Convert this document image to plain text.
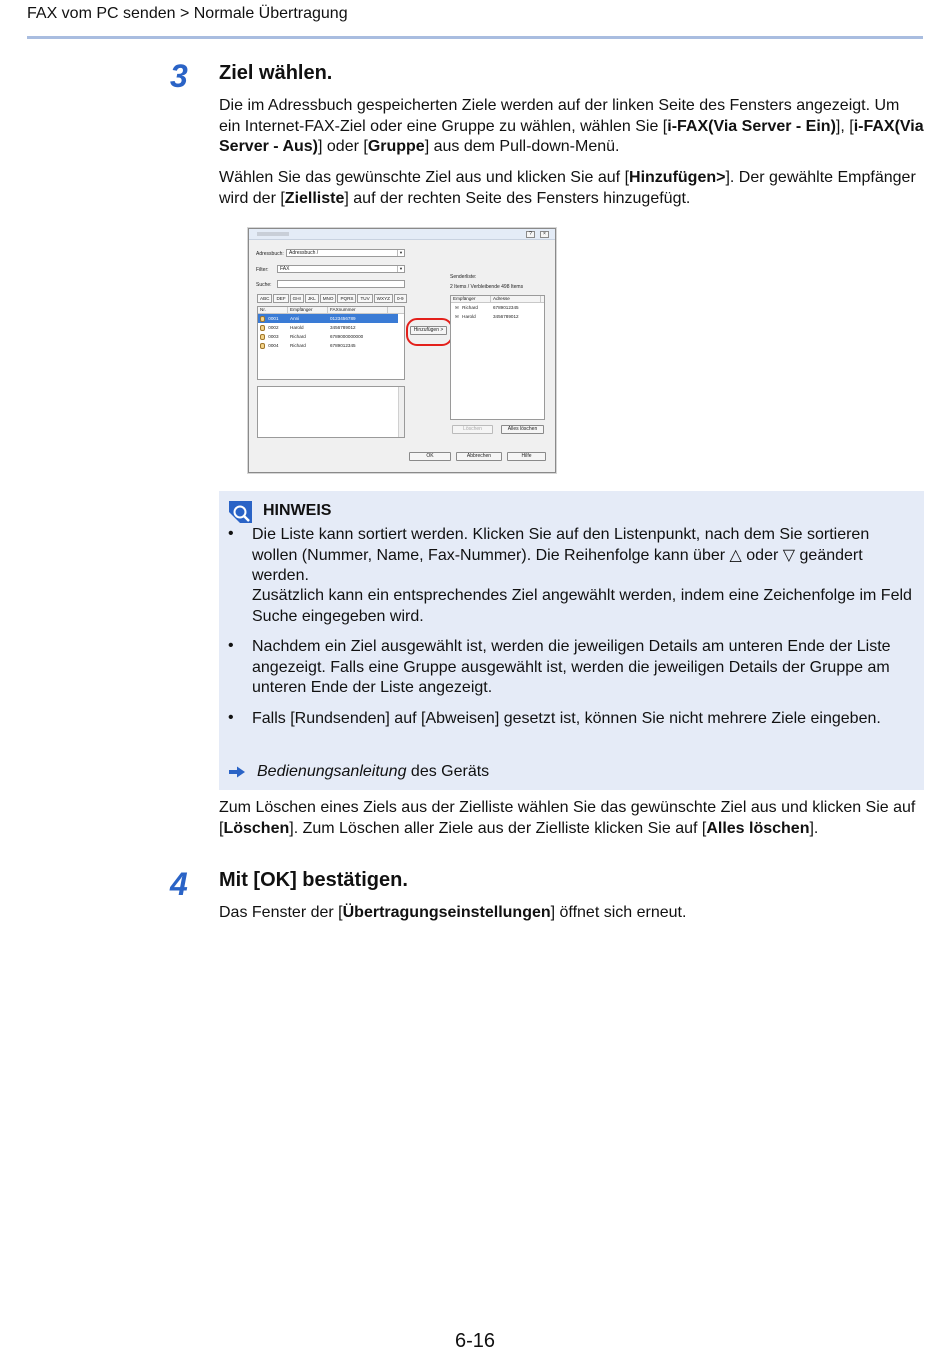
FAX vom PC senden > Normale Übertragung
3 Ziel wählen.

Die im Adressbuch gespeicherten Ziele werden auf der linken Seite des Fensters angezeigt. Um ein Internet-FAX-Ziel oder eine Gruppe zu wählen, wählen Sie [i-FAX(Via Server - Ein)], [i-FAX(Via Server - Aus)] oder [Gruppe] aus dem Pull-down-Menü.

Wählen Sie das gewünschte Ziel aus und klicken Sie auf [Hinzufügen>]. Der gewählte Empfänger wird der [Zielliste] auf der rechten Seite des Fensters hinzugefügt.

?	×
Adressbuch:	Adressbuch /	▼
Filter:	FAX	▼
Suche:
ABC	DEF	GHI	JKL	MNO	PQRS	TUV	WXYZ	0-9
Nr.	Empfänger	FAXnummer
0001	Anni	0123456789
0002	Harold	3456789012
0003	Richard	6789000000000
0004	Richard	6789012345
Hinzufügen >
Senderliste:
2 Items / Verbleibende 498 Items
Empfänger	Adresse
✉ Richard	6789012345
✉ Harold	3456789012
Löschen	Alles löschen
OK	Abbrechen	Hilfe
HINWEIS
• Die Liste kann sortiert werden. Klicken Sie auf den Listenpunkt, nach dem Sie sortieren wollen (Nummer, Name, Fax-Nummer). Die Reihenfolge kann über △ oder ▽ geändert werden.

Zusätzlich kann ein entsprechendes Ziel angewählt werden, indem eine Zeichenfolge im Feld Suche eingegeben wird.

• Nachdem ein Ziel ausgewählt ist, werden die jeweiligen Details am unteren Ende der Liste angezeigt. Falls eine Gruppe ausgewählt ist, werden die jeweiligen Details der Gruppe am unteren Ende der Liste angezeigt.

• Falls [Rundsenden] auf [Abweisen] gesetzt ist, können Sie nicht mehrere Ziele eingeben.

Bedienungsanleitung des Geräts

Zum Löschen eines Ziels aus der Zielliste wählen Sie das gewünschte Ziel aus und klicken Sie auf [Löschen]. Zum Löschen aller Ziele aus der Zielliste klicken Sie auf [Alles löschen].

4 Mit [OK] bestätigen.

Das Fenster der [Übertragungseinstellungen] öffnet sich erneut.

6-16
